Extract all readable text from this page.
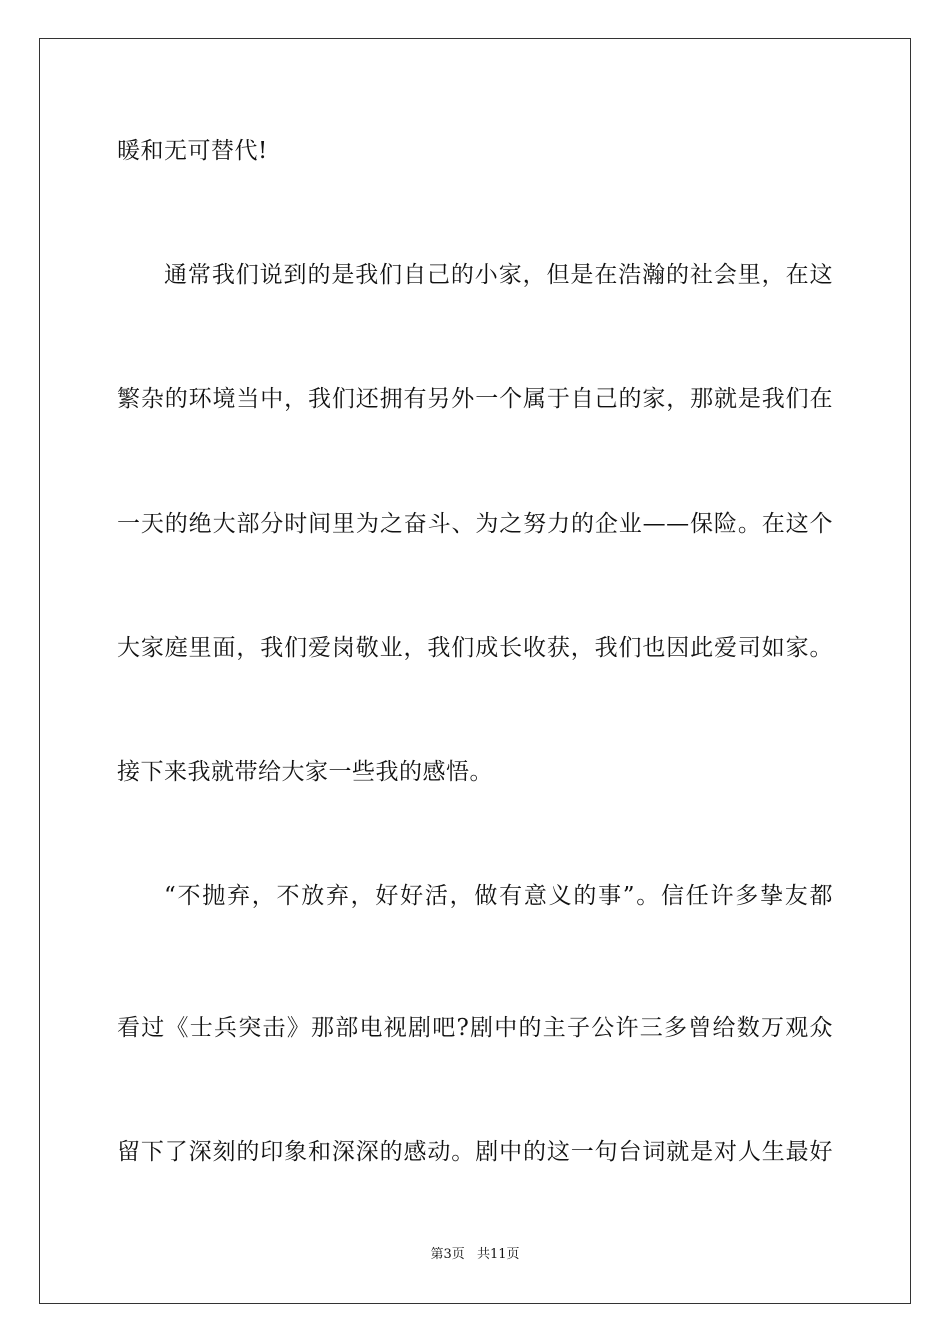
暖和无可替代!
通常我们说到的是我们自己的小家，但是在浩瀚的社会里，在这
繁杂的环境当中，我们还拥有另外一个属于自己的家，那就是我们在
一天的绝大部分时间里为之奋斗、为之努力的企业——保险。在这个
大家庭里面，我们爱岗敬业，我们成长收获，我们也因此爱司如家。
接下来我就带给大家一些我的感悟。
“不抛弃，不放弃，好好活，做有意义的事”。信任许多挚友都
看过《士兵突击》那部电视剧吧?剧中的主子公许三多曾给数万观众
留下了深刻的印象和深深的感动。剧中的这一句台词就是对人生最好
第3页 共11页
